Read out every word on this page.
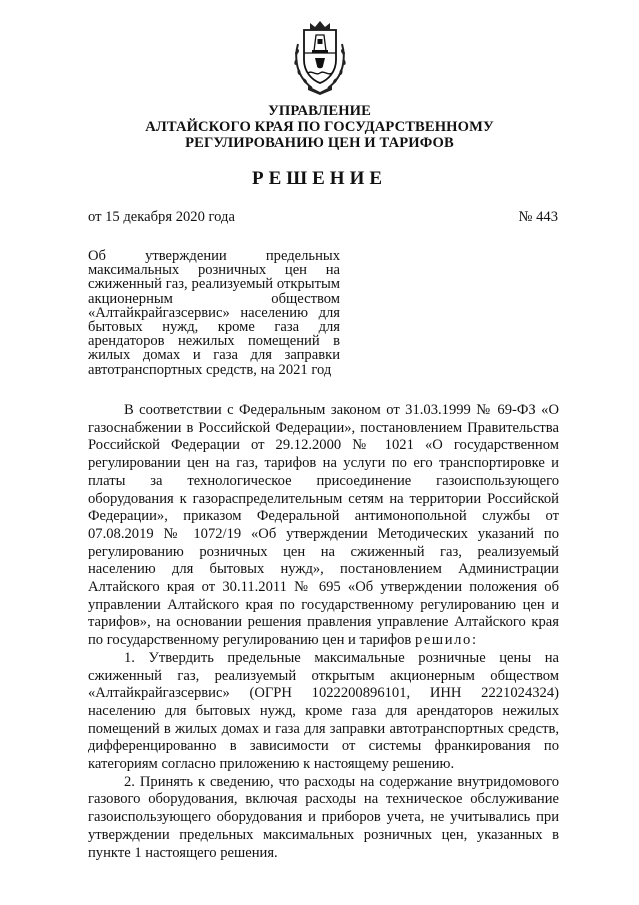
УПРАВЛЕНИЕ
АЛТАЙСКОГО КРАЯ ПО ГОСУДАРСТВЕННОМУ
РЕГУЛИРОВАНИЮ ЦЕН И ТАРИФОВ
РЕШЕНИЕ
от 15 декабря 2020 года	№ 443
Об утверждении предельных максимальных розничных цен на сжиженный газ, реализуемый открытым акционерным обществом «Алтайкрайгазсервис» населению для бытовых нужд, кроме газа для арендаторов нежилых помещений в жилых домах и газа для заправки автотранспортных средств, на 2021 год

В соответствии с Федеральным законом от 31.03.1999 № 69-ФЗ «О газоснабжении в Российской Федерации», постановлением Правительства Российской Федерации от 29.12.2000 № 1021 «О государственном регулировании цен на газ, тарифов на услуги по его транспортировке и платы за технологическое присоединение газоиспользующего оборудования к газораспределительным сетям на территории Российской Федерации», приказом Федеральной антимонопольной службы от 07.08.2019 № 1072/19 «Об утверждении Методических указаний по регулированию розничных цен на сжиженный газ, реализуемый населению для бытовых нужд», постановлением Администрации Алтайского края от 30.11.2011 № 695 «Об утверждении положения об управлении Алтайского края по государственному регулированию цен и тарифов», на основании решения правления управление Алтайского края по государственному регулированию цен и тарифов решило:

1. Утвердить предельные максимальные розничные цены на сжиженный газ, реализуемый открытым акционерным обществом «Алтайкрайгазсервис» (ОГРН 1022200896101, ИНН 2221024324) населению для бытовых нужд, кроме газа для арендаторов нежилых помещений в жилых домах и газа для заправки автотранспортных средств, дифференцированно в зависимости от системы франкирования по категориям согласно приложению к настоящему решению.

2. Принять к сведению, что расходы на содержание внутридомового газового оборудования, включая расходы на техническое обслуживание газоиспользующего оборудования и приборов учета, не учитывались при утверждении предельных максимальных розничных цен, указанных в пункте 1 настоящего решения.
